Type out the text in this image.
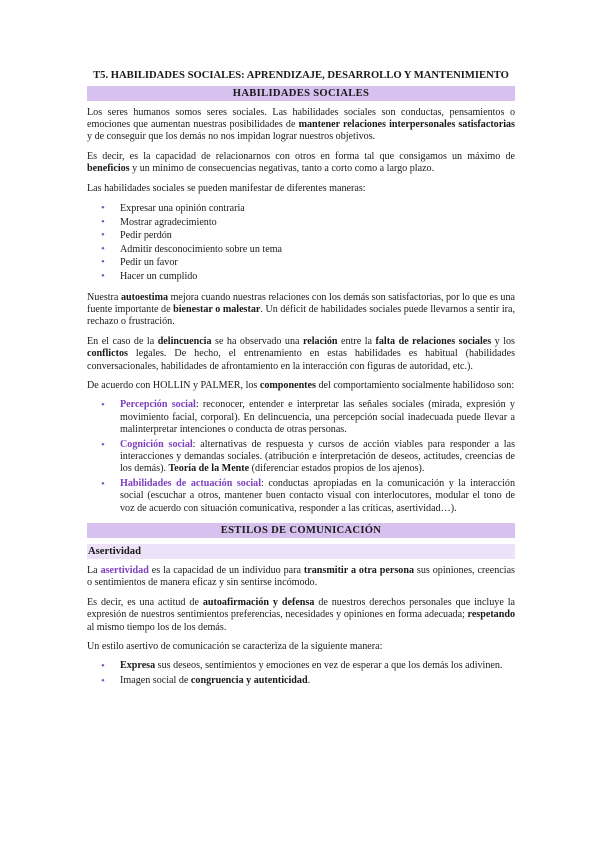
T5. HABILIDADES SOCIALES: APRENDIZAJE, DESARROLLO Y MANTENIMIENTO
HABILIDADES SOCIALES

Los seres humanos somos seres sociales. Las habilidades sociales son conductas, pensamientos o emociones que aumentan nuestras posibilidades de mantener relaciones interpersonales satisfactorias y de conseguir que los demás no nos impidan lograr nuestros objetivos.

Es decir, es la capacidad de relacionarnos con otros en forma tal que consigamos un máximo de beneficios y un mínimo de consecuencias negativas, tanto a corto como a largo plazo.

Las habilidades sociales se pueden manifestar de diferentes maneras:

• Expresar una opinión contraria
• Mostrar agradecimiento
• Pedir perdón
• Admitir desconocimiento sobre un tema
• Pedir un favor
• Hacer un cumplido

Nuestra autoestima mejora cuando nuestras relaciones con los demás son satisfactorias, por lo que es una fuente importante de bienestar o malestar. Un déficit de habilidades sociales puede llevarnos a sentir ira, rechazo o frustración.

En el caso de la delincuencia se ha observado una relación entre la falta de relaciones sociales y los conflictos legales. De hecho, el entrenamiento en estas habilidades es habitual (habilidades conversacionales, habilidades de afrontamiento en la interacción con figuras de autoridad, etc.).

De acuerdo con HOLLIN y PALMER, los componentes del comportamiento socialmente habilidoso son:

• Percepción social: reconocer, entender e interpretar las señales sociales (mirada, expresión y movimiento facial, corporal). En delincuencia, una percepción social inadecuada puede llevar a malinterpretar intenciones o conducta de otras personas.
• Cognición social: alternativas de respuesta y cursos de acción viables para responder a las interacciones y demandas sociales. (atribución e interpretación de deseos, actitudes, creencias de los demás). Teoría de la Mente (diferenciar estados propios de los ajenos).
• Habilidades de actuación social: conductas apropiadas en la comunicación y la interacción social (escuchar a otros, mantener buen contacto visual con interlocutores, modular el tono de voz de acuerdo con situación comunicativa, responder a las críticas, asertividad…).
ESTILOS DE COMUNICACIÓN
Asertividad

La asertividad es la capacidad de un individuo para transmitir a otra persona sus opiniones, creencias o sentimientos de manera eficaz y sin sentirse incómodo.

Es decir, es una actitud de autoafirmación y defensa de nuestros derechos personales que incluye la expresión de nuestros sentimientos preferencias, necesidades y opiniones en forma adecuada; respetando al mismo tiempo los de los demás.

Un estilo asertivo de comunicación se caracteriza de la siguiente manera:

• Expresa sus deseos, sentimientos y emociones en vez de esperar a que los demás los adivinen.
• Imagen social de congruencia y autenticidad.
